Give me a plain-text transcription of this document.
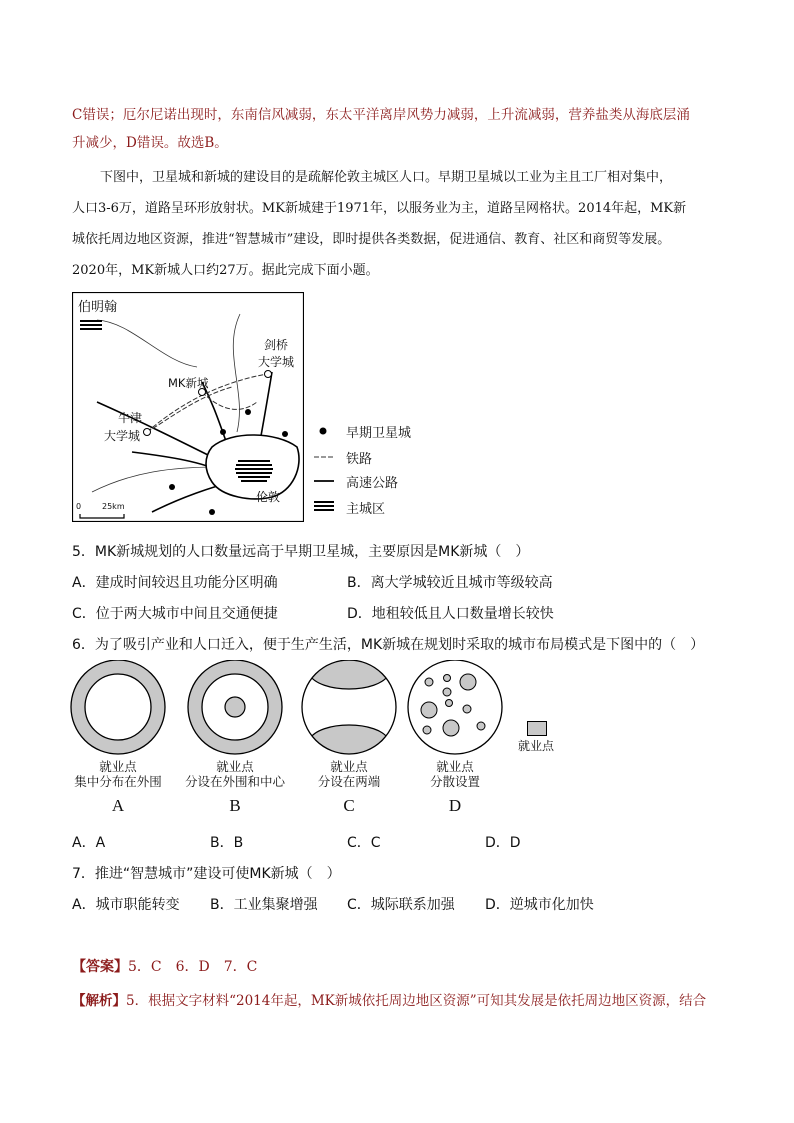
C错误；厄尔尼诺出现时，东南信风减弱，东太平洋离岸风势力减弱，上升流减弱，营养盐类从海底层涌
升减少，D错误。故选B。
下图中，卫星城和新城的建设目的是疏解伦敦主城区人口。早期卫星城以工业为主且工厂相对集中，
人口3-6万，道路呈环形放射状。MK新城建于1971年，以服务业为主，道路呈网格状。2014年起，MK新
城依托周边地区资源，推进“智慧城市”建设，即时提供各类数据，促进通信、教育、社区和商贸等发展。
2020年，MK新城人口约27万。据此完成下面小题。
伯明翰
剑桥
大学城
MK新城
牛津
大学城
伦敦
0	25km
早期卫星城
铁路
高速公路
主城区
5．MK新城规划的人口数量远高于早期卫星城，主要原因是MK新城（　）
A．建成时间较迟且功能分区明确	B．离大学城较近且城市等级较高
C．位于两大城市中间且交通便捷	D．地租较低且人口数量增长较快
6．为了吸引产业和人口迁入，便于生产生活，MK新城在规划时采取的城市布局模式是下图中的（　）
就业点
就业点
集中分布在外围
A
就业点
分设在外围和中心
B
就业点
分设在两端
C
就业点
分散设置
D
A．A	B．B	C．C	D．D
7．推进“智慧城市”建设可使MK新城（　）
A．城市职能转变 B．工业集聚增强 C．城际联系加强 D．逆城市化加快
【答案】5．C　6．D　7．C
【解析】5．根据文字材料“2014年起，MK新城依托周边地区资源”可知其发展是依托周边地区资源，结合
